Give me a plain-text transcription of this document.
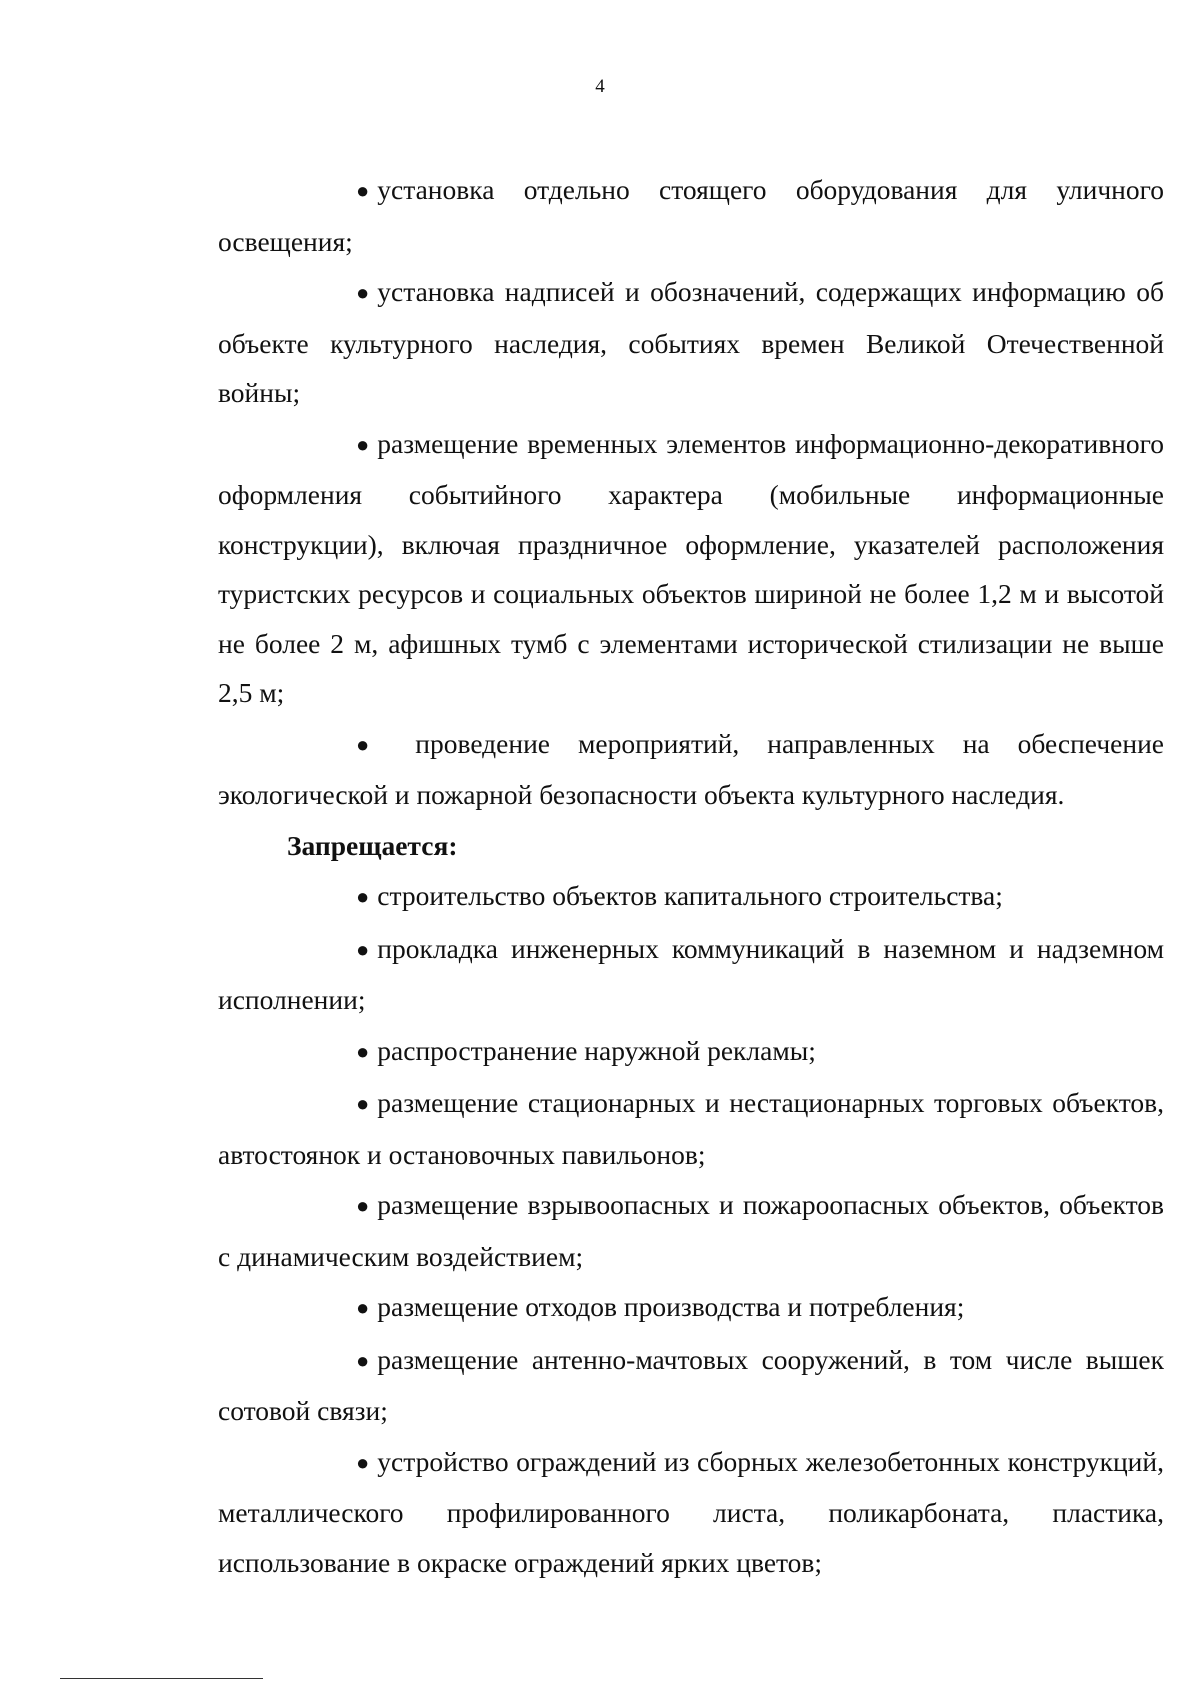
4

● установка отдельно стоящего оборудования для уличного освещения;

● установка надписей и обозначений, содержащих информацию об объекте культурного наследия, событиях времен Великой Отечественной войны;

● размещение временных элементов информационно-декоративного оформления событийного характера (мобильные информационные конструкции), включая праздничное оформление, указателей расположения туристских ресурсов и социальных объектов шириной не более 1,2 м и высотой не более 2 м, афишных тумб с элементами исторической стилизации не выше 2,5 м;

● проведение мероприятий, направленных на обеспечение экологической и пожарной безопасности объекта культурного наследия.

Запрещается:

● строительство объектов капитального строительства;

● прокладка инженерных коммуникаций в наземном и надземном исполнении;

● распространение наружной рекламы;

● размещение стационарных и нестационарных торговых объектов, автостоянок и остановочных павильонов;

● размещение взрывоопасных и пожароопасных объектов, объектов с динамическим воздействием;

● размещение отходов производства и потребления;

● размещение антенно-мачтовых сооружений, в том числе вышек сотовой связи;

● устройство ограждений из сборных железобетонных конструкций, металлического профилированного листа, поликарбоната, пластика, использование в окраске ограждений ярких цветов;
